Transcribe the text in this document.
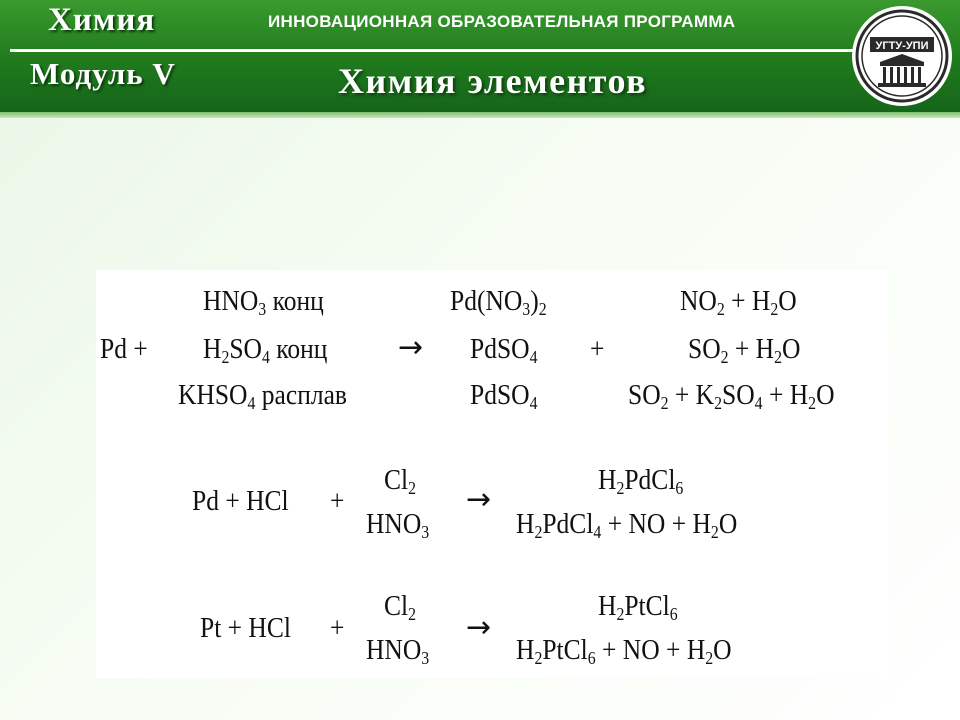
Химия	ИННОВАЦИОННАЯ ОБРАЗОВАТЕЛЬНАЯ ПРОГРАММА
Модуль V	Химия элементов
УГТУ-УПИ
Pd +
$HNO_3$ конц
$H_2SO_4$ конц
$KHSO_4$ расплав
→
$Pd(NO_3)_2$
PdSO$_4$
PdSO$_4$
+
$NO_2 + H_2O$
$SO_2 + H_2O$
$SO_2 + K_2SO_4 + H_2O$
Pd + HCl +
$Cl_2$
$HNO_3$
→
$H_2PdCl_6$
$H_2PdCl_4$ + NO + $H_2O$
Pt + HCl +
$Cl_2$
$HNO_3$
→
$H_2PtCl_6$
$H_2PtCl_6$ + NO + $H_2O$
